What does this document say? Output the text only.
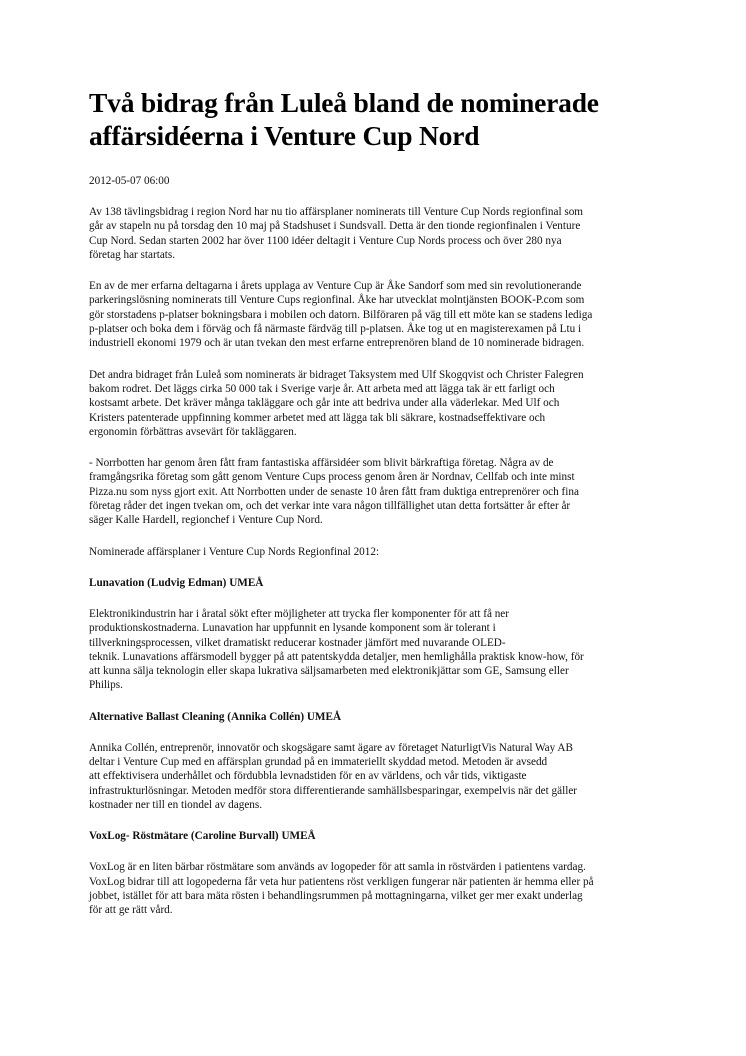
Två bidrag från Luleå bland de nominerade affärsidéerna i Venture Cup Nord
2012-05-07 06:00

Av 138 tävlingsbidrag i region Nord har nu tio affärsplaner nominerats till Venture Cup Nords regionfinal som
går av stapeln nu på torsdag den 10 maj på Stadshuset i Sundsvall. Detta är den tionde regionfinalen i Venture
Cup Nord. Sedan starten 2002 har över 1100 idéer deltagit i Venture Cup Nords process och över 280 nya
företag har startats.

En av de mer erfarna deltagarna i årets upplaga av Venture Cup är Åke Sandorf som med sin revolutionerande
parkeringslösning nominerats till Venture Cups regionfinal. Åke har utvecklat molntjänsten BOOK-P.com som
gör storstadens p-platser bokningsbara i mobilen och datorn. Bilföraren på väg till ett möte kan se stadens lediga
p-platser och boka dem i förväg och få närmaste färdväg till p-platsen. Åke tog ut en magisterexamen på Ltu i
industriell ekonomi 1979 och är utan tvekan den mest erfarne entreprenören bland de 10 nominerade bidragen.

Det andra bidraget från Luleå som nominerats är bidraget Taksystem med Ulf Skogqvist och Christer Falegren
bakom rodret. Det läggs cirka 50 000 tak i Sverige varje år. Att arbeta med att lägga tak är ett farligt och
kostsamt arbete. Det kräver många takläggare och går inte att bedriva under alla väderlekar. Med Ulf och
Kristers patenterade uppfinning kommer arbetet med att lägga tak bli säkrare, kostnadseffektivare och
ergonomin förbättras avsevärt för takläggaren.

- Norrbotten har genom åren fått fram fantastiska affärsidéer som blivit bärkraftiga företag. Några av de
framgångsrika företag som gått genom Venture Cups process genom åren är Nordnav, Cellfab och inte minst
Pizza.nu som nyss gjort exit. Att Norrbotten under de senaste 10 åren fått fram duktiga entreprenörer och fina
företag råder det ingen tvekan om, och det verkar inte vara någon tillfällighet utan detta fortsätter år efter år
säger Kalle Hardell, regionchef i Venture Cup Nord.

Nominerade affärsplaner i Venture Cup Nords Regionfinal 2012:

Lunavation (Ludvig Edman) UMEÅ

Elektronikindustrin har i åratal sökt efter möjligheter att trycka fler komponenter för att få ner
produktionskostnaderna. Lunavation har uppfunnit en lysande komponent som är tolerant i
tillverkningsprocessen, vilket dramatiskt reducerar kostnader jämfört med nuvarande OLED-
teknik. Lunavations affärsmodell bygger på att patentskydda detaljer, men hemlighålla praktisk know-how, för
att kunna sälja teknologin eller skapa lukrativa säljsamarbeten med elektronikjättar som GE, Samsung eller
Philips.

Alternative Ballast Cleaning (Annika Collén) UMEÅ

Annika Collén, entreprenör, innovatör och skogsägare samt ägare av företaget NaturligtVis Natural Way AB
deltar i Venture Cup med en affärsplan grundad på en immateriellt skyddad metod. Metoden är avsedd
att effektivisera underhållet och fördubbla levnadstiden för en av världens, och vår tids, viktigaste
infrastrukturlösningar. Metoden medför stora differentierande samhällsbesparingar, exempelvis när det gäller
kostnader ner till en tiondel av dagens.

VoxLog- Röstmätare (Caroline Burvall) UMEÅ

VoxLog är en liten bärbar röstmätare som används av logopeder för att samla in röstvärden i patientens vardag.
VoxLog bidrar till att logopederna får veta hur patientens röst verkligen fungerar när patienten är hemma eller på
jobbet, istället för att bara mäta rösten i behandlingsrummen på mottagningarna, vilket ger mer exakt underlag
för att ge rätt vård.
